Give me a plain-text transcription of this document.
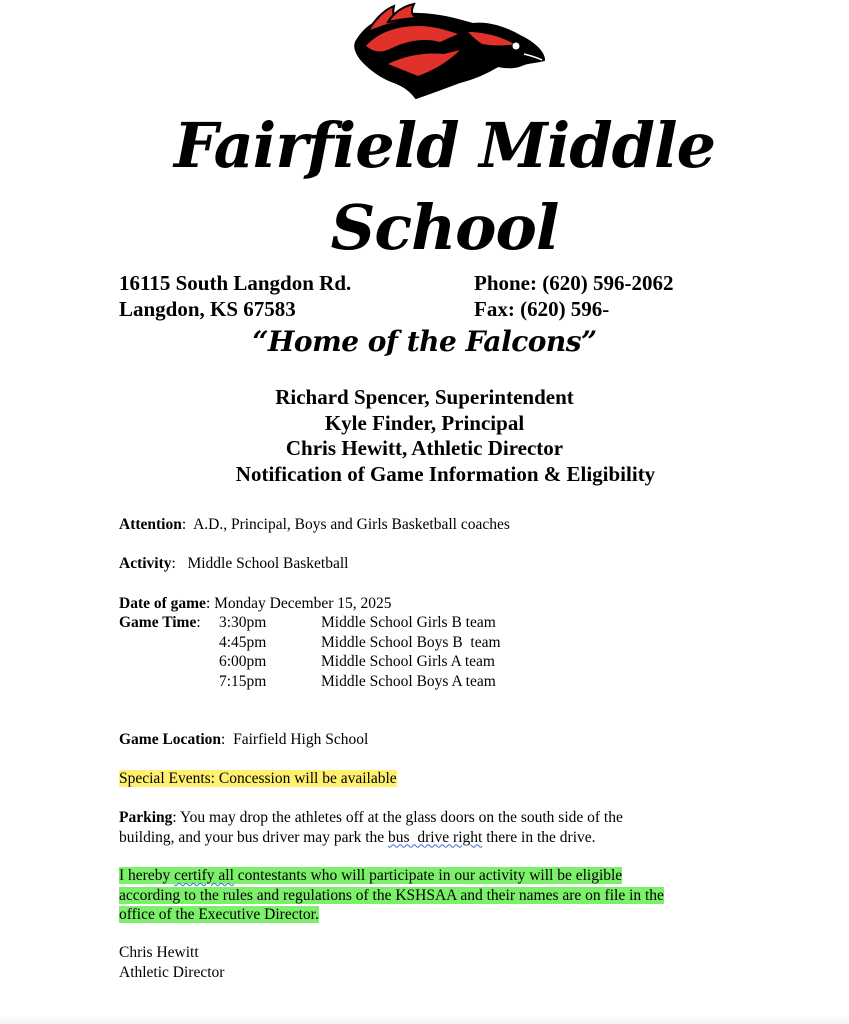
Fairfield Middle
School
16115 South Langdon Rd.
Langdon, KS 67583
Phone: (620) 596-2062
Fax: (620) 596-
“Home of the Falcons”
Richard Spencer, Superintendent
Kyle Finder, Principal
Chris Hewitt, Athletic Director
Notification of Game Information & Eligibility
Attention:  A.D., Principal, Boys and Girls Basketball coaches
Activity:   Middle School Basketball
Date of game: Monday December 15, 2025
Game Time: 3:30pm	Middle School Girls B team
4:45pm	Middle School Boys B  team
6:00pm	Middle School Girls A team
7:15pm	Middle School Boys A team
Game Location:  Fairfield High School
Special Events: Concession will be available
Parking: You may drop the athletes off at the glass doors on the south side of the
building, and your bus driver may park the bus  drive right there in the drive.
I hereby certify all contestants who will participate in our activity will be eligible
according to the rules and regulations of the KSHSAA and their names are on file in the
office of the Executive Director.
Chris Hewitt
Athletic Director
